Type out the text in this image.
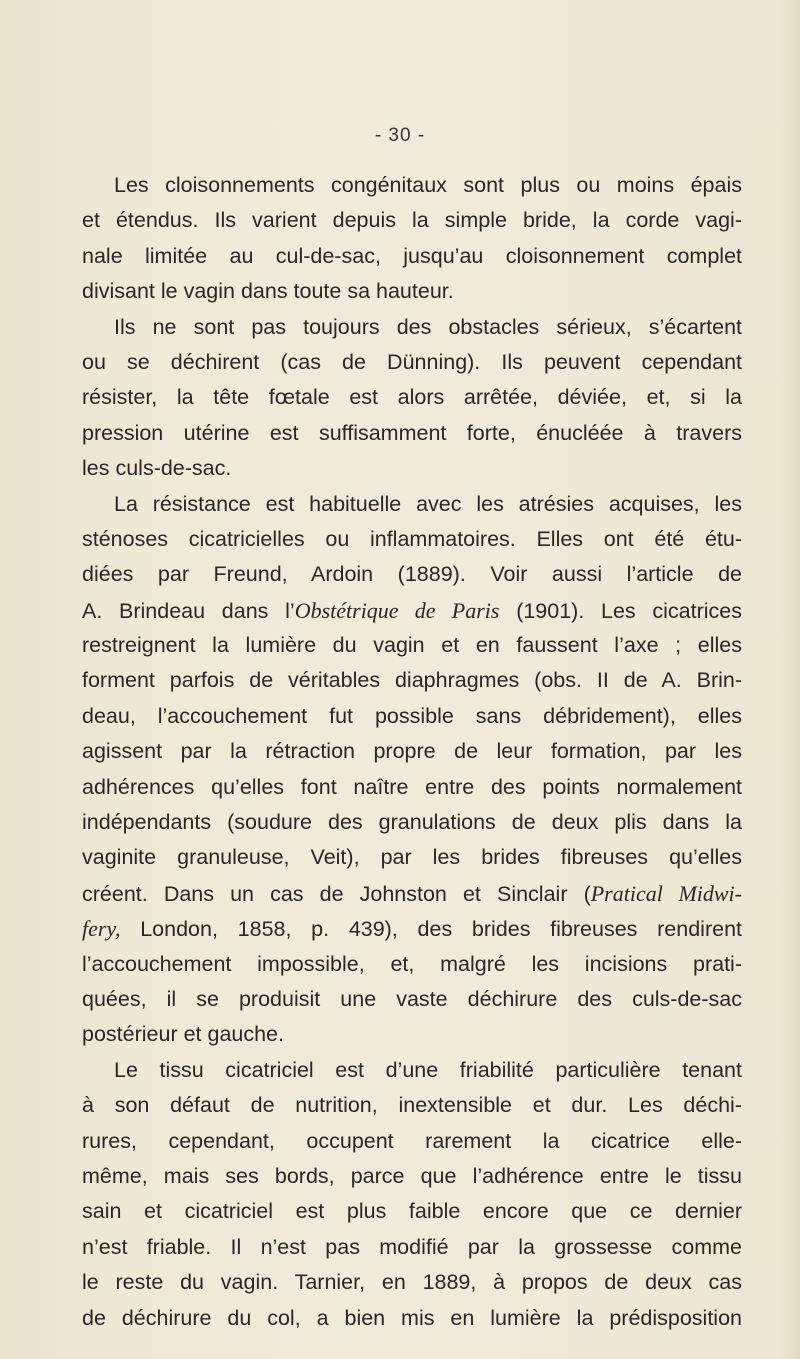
- 30 -
Les cloisonnements congénitaux sont plus ou moins épais
et étendus. Ils varient depuis la simple bride, la corde vagi-
nale limitée au cul-de-sac, jusqu’au cloisonnement complet
divisant le vagin dans toute sa hauteur.
Ils ne sont pas toujours des obstacles sérieux, s’écartent
ou se déchirent (cas de Dünning). Ils peuvent cependant
résister, la tête fœtale est alors arrêtée, déviée, et, si la
pression utérine est suffisamment forte, énucléée à travers
les culs-de-sac.
La résistance est habituelle avec les atrésies acquises, les
sténoses cicatricielles ou inflammatoires. Elles ont été étu-
diées par Freund, Ardoin (1889). Voir aussi l’article de
A. Brindeau dans l’Obstétrique de Paris (1901). Les cicatrices
restreignent la lumière du vagin et en faussent l’axe ; elles
forment parfois de véritables diaphragmes (obs. II de A. Brin-
deau, l’accouchement fut possible sans débridement), elles
agissent par la rétraction propre de leur formation, par les
adhérences qu’elles font naître entre des points normalement
indépendants (soudure des granulations de deux plis dans la
vaginite granuleuse, Veit), par les brides fibreuses qu’elles
créent. Dans un cas de Johnston et Sinclair (Pratical Midwi-
fery, London, 1858, p. 439), des brides fibreuses rendirent
l’accouchement impossible, et, malgré les incisions prati-
quées, il se produisit une vaste déchirure des culs-de-sac
postérieur et gauche.
Le tissu cicatriciel est d’une friabilité particulière tenant
à son défaut de nutrition, inextensible et dur. Les déchi-
rures, cependant, occupent rarement la cicatrice elle-
même, mais ses bords, parce que l’adhérence entre le tissu
sain et cicatriciel est plus faible encore que ce dernier
n’est friable. Il n’est pas modifié par la grossesse comme
le reste du vagin. Tarnier, en 1889, à propos de deux cas
de déchirure du col, a bien mis en lumière la prédisposition
